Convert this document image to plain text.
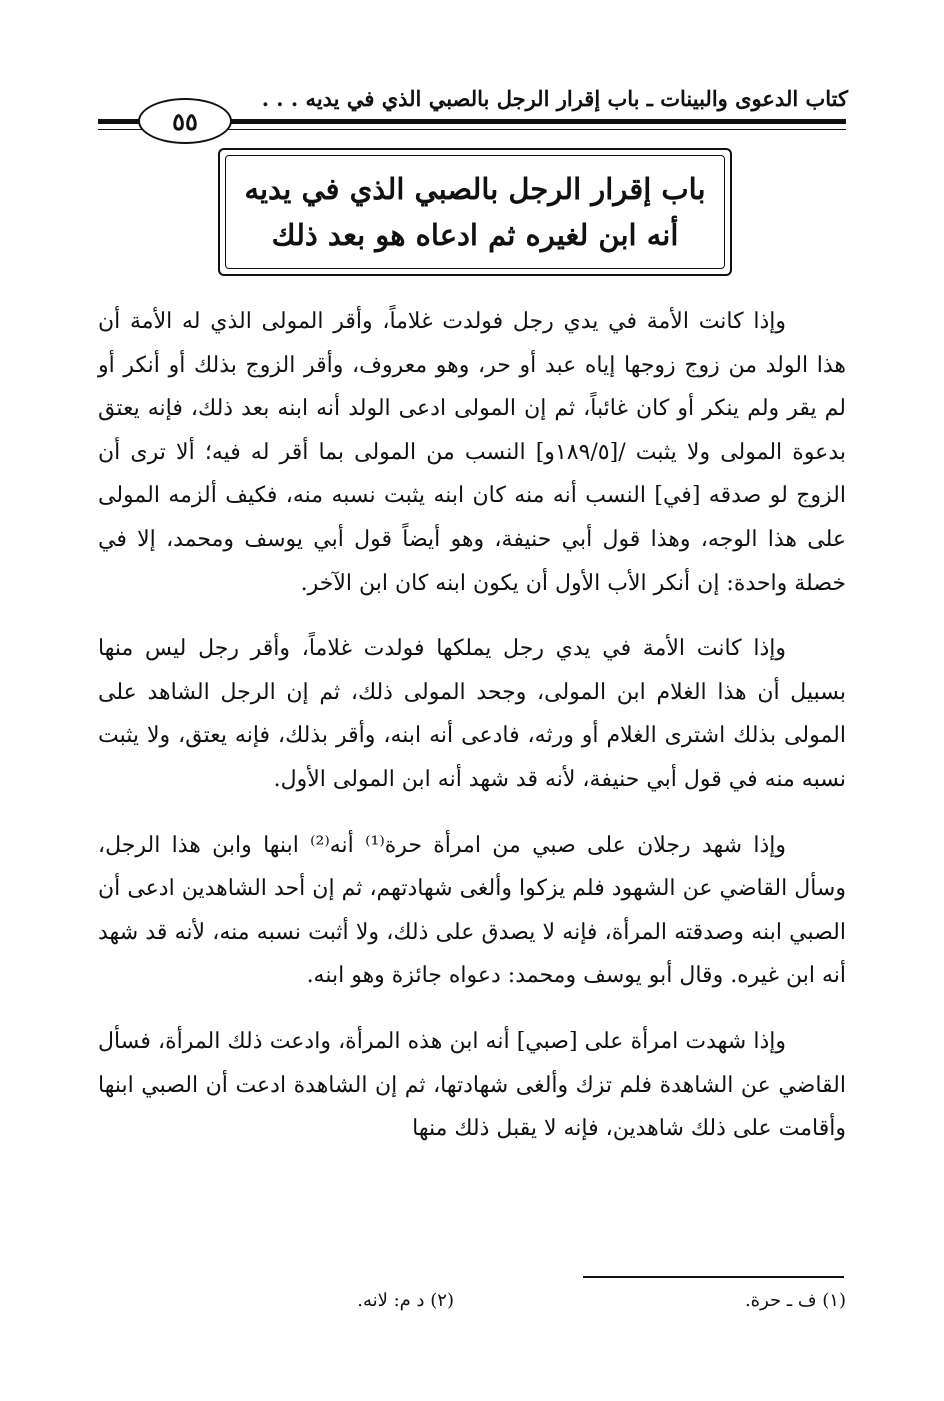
كتاب الدعوى والبينات ـ باب إقرار الرجل بالصبي الذي في يديه . . .
٥٥
باب إقرار الرجل بالصبي الذي في يديه
أنه ابن لغيره ثم ادعاه هو بعد ذلك

وإذا كانت الأمة في يدي رجل فولدت غلاماً، وأقر المولى الذي له الأمة أن هذا الولد من زوج زوجها إياه عبد أو حر، وهو معروف، وأقر الزوج بذلك أو أنكر أو لم يقر ولم ينكر أو كان غائباً، ثم إن المولى ادعى الولد أنه ابنه بعد ذلك، فإنه يعتق بدعوة المولى ولا يثبت /[١٨٩/٥و] النسب من المولى بما أقر له فيه؛ ألا ترى أن الزوج لو صدقه [في] النسب أنه منه كان ابنه يثبت نسبه منه، فكيف ألزمه المولى على هذا الوجه، وهذا قول أبي حنيفة، وهو أيضاً قول أبي يوسف ومحمد، إلا في خصلة واحدة: إن أنكر الأب الأول أن يكون ابنه كان ابن الآخر.

وإذا كانت الأمة في يدي رجل يملكها فولدت غلاماً، وأقر رجل ليس منها بسبيل أن هذا الغلام ابن المولى، وجحد المولى ذلك، ثم إن الرجل الشاهد على المولى بذلك اشترى الغلام أو ورثه، فادعى أنه ابنه، وأقر بذلك، فإنه يعتق، ولا يثبت نسبه منه في قول أبي حنيفة، لأنه قد شهد أنه ابن المولى الأول.

وإذا شهد رجلان على صبي من امرأة حرة⁽¹⁾ أنه⁽²⁾ ابنها وابن هذا الرجل، وسأل القاضي عن الشهود فلم يزكوا وألغى شهادتهم، ثم إن أحد الشاهدين ادعى أن الصبي ابنه وصدقته المرأة، فإنه لا يصدق على ذلك، ولا أثبت نسبه منه، لأنه قد شهد أنه ابن غيره. وقال أبو يوسف ومحمد: دعواه جائزة وهو ابنه.

وإذا شهدت امرأة على [صبي] أنه ابن هذه المرأة، وادعت ذلك المرأة، فسأل القاضي عن الشاهدة فلم تزك وألغى شهادتها، ثم إن الشاهدة ادعت أن الصبي ابنها وأقامت على ذلك شاهدين، فإنه لا يقبل ذلك منها

(١) ف ـ حرة.
(٢) د م: لانه.
